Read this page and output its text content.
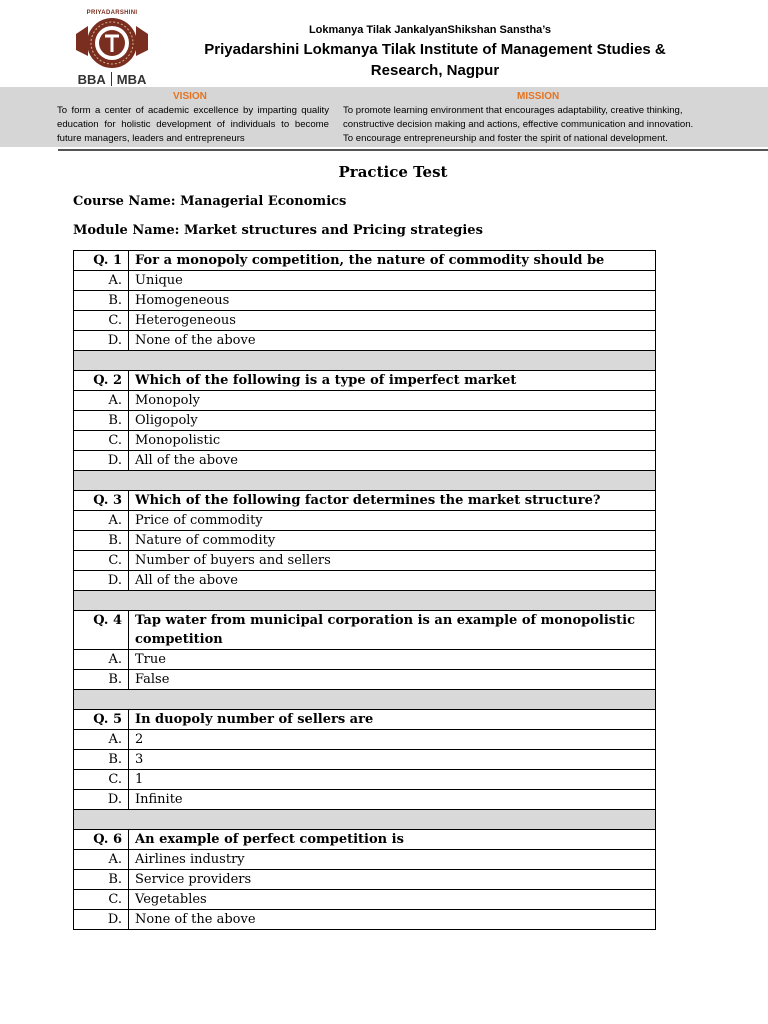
PRIYADARSHINI
BBA MBA
Lokmanya Tilak JankalyanShikshan Sanstha’s
Priyadarshini Lokmanya Tilak Institute of Management Studies &
Research, Nagpur
VISION
To form a center of academic excellence by imparting quality education for holistic development of individuals to become future managers, leaders and entrepreneurs
MISSION
To promote learning environment that encourages adaptability, creative thinking,
constructive decision making and actions, effective communication and innovation.
To encourage entrepreneurship and foster the spirit of national development.
Practice Test
Course Name: Managerial Economics
Module Name: Market structures and Pricing strategies
Q. 1	For a monopoly competition, the nature of commodity should be
A.	Unique
B.	Homogeneous
C.	Heterogeneous
D.	None of the above

Q. 2	Which of the following is a type of imperfect market
A.	Monopoly
B.	Oligopoly
C.	Monopolistic
D.	All of the above

Q. 3	Which of the following factor determines the market structure?
A.	Price of commodity
B.	Nature of commodity
C.	Number of buyers and sellers
D.	All of the above

Q. 4	Tap water from municipal corporation is an example of monopolistic competition
A.	True
B.	False

Q. 5	In duopoly number of sellers are
A.	2
B.	3
C.	1
D.	Infinite

Q. 6	An example of perfect competition is
A.	Airlines industry
B.	Service providers
C.	Vegetables
D.	None of the above
